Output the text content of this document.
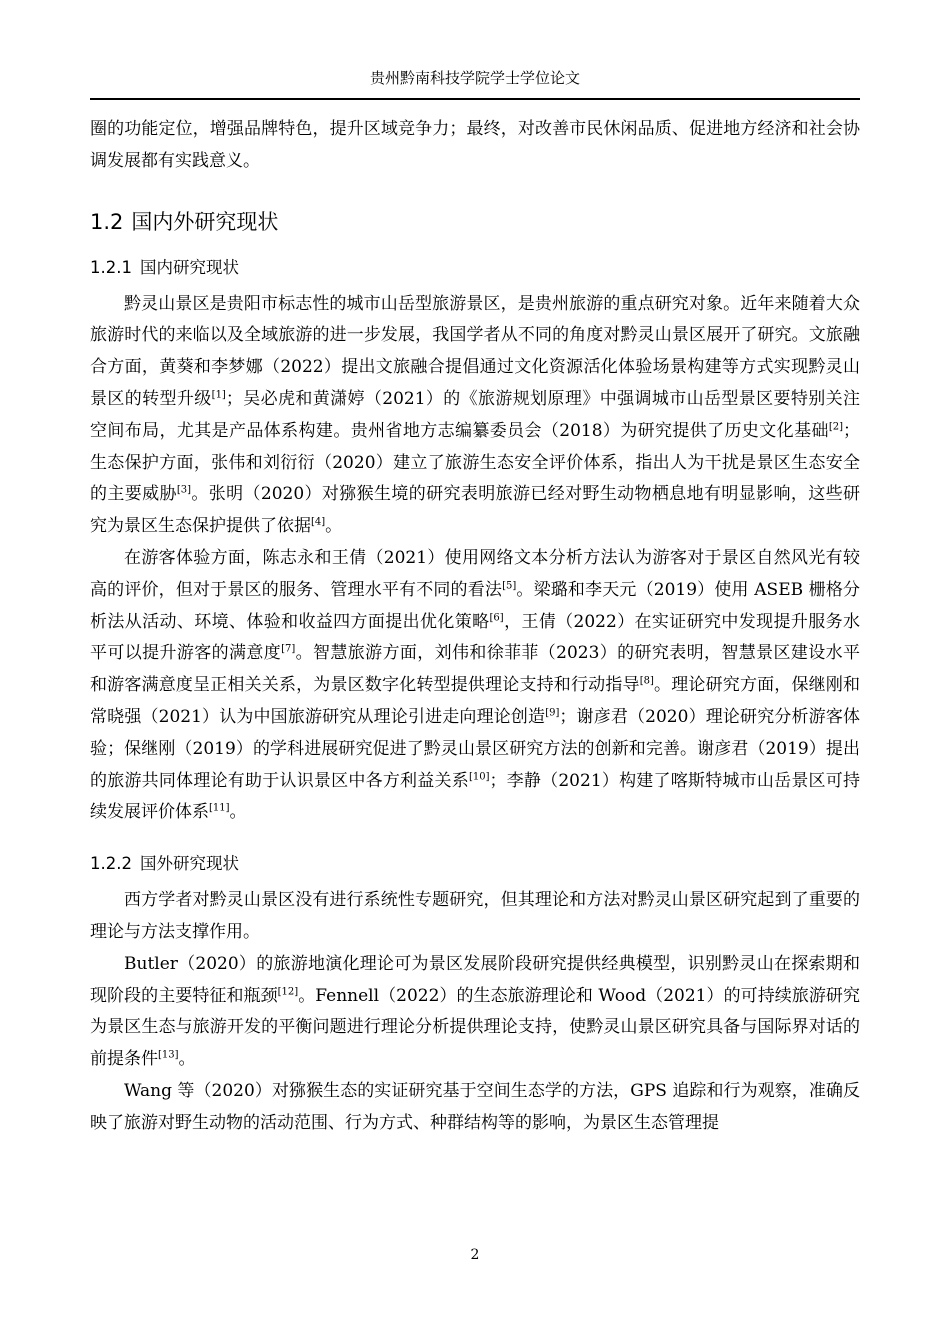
贵州黔南科技学院学士学位论文

圈的功能定位，增强品牌特色，提升区域竞争力；最终，对改善市民休闲品质、促进地方经济和社会协调发展都有实践意义。

1.2 国内外研究现状
1.2.1 国内研究现状

黔灵山景区是贵阳市标志性的城市山岳型旅游景区，是贵州旅游的重点研究对象。近年来随着大众旅游时代的来临以及全域旅游的进一步发展，我国学者从不同的角度对黔灵山景区展开了研究。文旅融合方面，黄葵和李梦娜（2022）提出文旅融合提倡通过文化资源活化体验场景构建等方式实现黔灵山景区的转型升级[1]；吴必虎和黄潇婷（2021）的《旅游规划原理》中强调城市山岳型景区要特别关注空间布局，尤其是产品体系构建。贵州省地方志编纂委员会（2018）为研究提供了历史文化基础[2]；生态保护方面，张伟和刘衍衍（2020）建立了旅游生态安全评价体系，指出人为干扰是景区生态安全的主要威胁[3]。张明（2020）对猕猴生境的研究表明旅游已经对野生动物栖息地有明显影响，这些研究为景区生态保护提供了依据[4]。

在游客体验方面，陈志永和王倩（2021）使用网络文本分析方法认为游客对于景区自然风光有较高的评价，但对于景区的服务、管理水平有不同的看法[5]。梁璐和李天元（2019）使用 ASEB 栅格分析法从活动、环境、体验和收益四方面提出优化策略[6]，王倩（2022）在实证研究中发现提升服务水平可以提升游客的满意度[7]。智慧旅游方面，刘伟和徐菲菲（2023）的研究表明，智慧景区建设水平和游客满意度呈正相关关系，为景区数字化转型提供理论支持和行动指导[8]。理论研究方面，保继刚和常晓强（2021）认为中国旅游研究从理论引进走向理论创造[9]；谢彦君（2020）理论研究分析游客体验；保继刚（2019）的学科进展研究促进了黔灵山景区研究方法的创新和完善。谢彦君（2019）提出的旅游共同体理论有助于认识景区中各方利益关系[10]；李静（2021）构建了喀斯特城市山岳景区可持续发展评价体系[11]。

1.2.2 国外研究现状

西方学者对黔灵山景区没有进行系统性专题研究，但其理论和方法对黔灵山景区研究起到了重要的理论与方法支撑作用。

Butler（2020）的旅游地演化理论可为景区发展阶段研究提供经典模型，识别黔灵山在探索期和现阶段的主要特征和瓶颈[12]。Fennell（2022）的生态旅游理论和 Wood（2021）的可持续旅游研究为景区生态与旅游开发的平衡问题进行理论分析提供理论支持，使黔灵山景区研究具备与国际界对话的前提条件[13]。

Wang 等（2020）对猕猴生态的实证研究基于空间生态学的方法，GPS 追踪和行为观察，准确反映了旅游对野生动物的活动范围、行为方式、种群结构等的影响，为景区生态管理提

2
